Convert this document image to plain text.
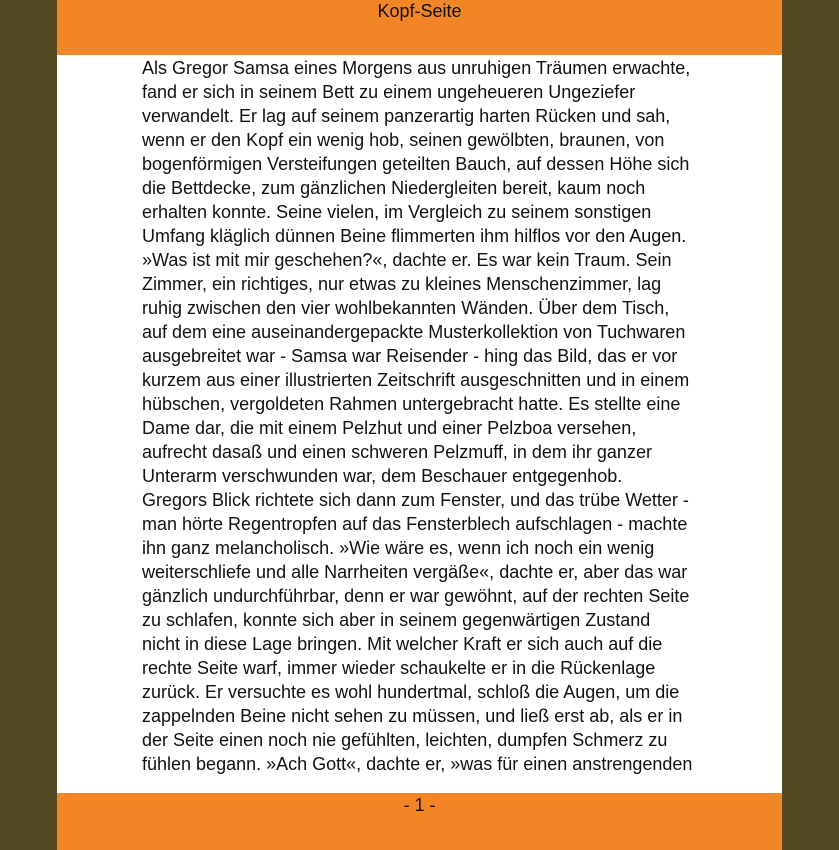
Kopf-Seite
Als Gregor Samsa eines Morgens aus unruhigen Träumen erwachte,
fand er sich in seinem Bett zu einem ungeheueren Ungeziefer
verwandelt. Er lag auf seinem panzerartig harten Rücken und sah,
wenn er den Kopf ein wenig hob, seinen gewölbten, braunen, von
bogenförmigen Versteifungen geteilten Bauch, auf dessen Höhe sich
die Bettdecke, zum gänzlichen Niedergleiten bereit, kaum noch
erhalten konnte. Seine vielen, im Vergleich zu seinem sonstigen
Umfang kläglich dünnen Beine flimmerten ihm hilflos vor den Augen.
»Was ist mit mir geschehen?«, dachte er. Es war kein Traum. Sein
Zimmer, ein richtiges, nur etwas zu kleines Menschenzimmer, lag
ruhig zwischen den vier wohlbekannten Wänden. Über dem Tisch,
auf dem eine auseinandergepackte Musterkollektion von Tuchwaren
ausgebreitet war - Samsa war Reisender - hing das Bild, das er vor
kurzem aus einer illustrierten Zeitschrift ausgeschnitten und in einem
hübschen, vergoldeten Rahmen untergebracht hatte. Es stellte eine
Dame dar, die mit einem Pelzhut und einer Pelzboa versehen,
aufrecht dasaß und einen schweren Pelzmuff, in dem ihr ganzer
Unterarm verschwunden war, dem Beschauer entgegenhob.
Gregors Blick richtete sich dann zum Fenster, und das trübe Wetter -
man hörte Regentropfen auf das Fensterblech aufschlagen - machte
ihn ganz melancholisch. »Wie wäre es, wenn ich noch ein wenig
weiterschliefe und alle Narrheiten vergäße«, dachte er, aber das war
gänzlich undurchführbar, denn er war gewöhnt, auf der rechten Seite
zu schlafen, konnte sich aber in seinem gegenwärtigen Zustand
nicht in diese Lage bringen. Mit welcher Kraft er sich auch auf die
rechte Seite warf, immer wieder schaukelte er in die Rückenlage
zurück. Er versuchte es wohl hundertmal, schloß die Augen, um die
zappelnden Beine nicht sehen zu müssen, und ließ erst ab, als er in
der Seite einen noch nie gefühlten, leichten, dumpfen Schmerz zu
fühlen begann. »Ach Gott«, dachte er, »was für einen anstrengenden
- 1 -
